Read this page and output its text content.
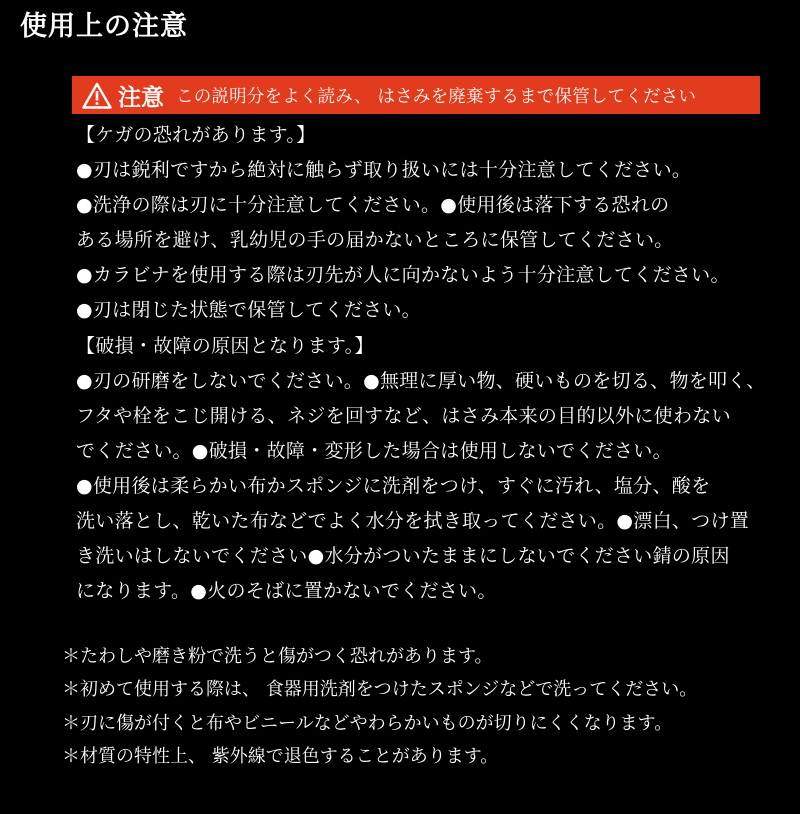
使用上の注意
注意 この説明分をよく読み、 はさみを廃棄するまで保管してください
【ケガの恐れがあります。】
●刃は鋭利ですから絶対に触らず取り扱いには十分注意してください。
●洗浄の際は刃に十分注意してください。●使用後は落下する恐れの
ある場所を避け、乳幼児の手の届かないところに保管してください。
●カラビナを使用する際は刃先が人に向かないよう十分注意してください。
●刃は閉じた状態で保管してください。
【破損・故障の原因となります。】
●刃の研磨をしないでください。●無理に厚い物、硬いものを切る、物を叩く、
フタや栓をこじ開ける、ネジを回すなど、はさみ本来の目的以外に使わない
でください。●破損・故障・変形した場合は使用しないでください。
●使用後は柔らかい布かスポンジに洗剤をつけ、すぐに汚れ、塩分、酸を
洗い落とし、乾いた布などでよく水分を拭き取ってください。●漂白、つけ置
き洗いはしないでください●水分がついたままにしないでください錆の原因
になります。●火のそばに置かないでください。
＊たわしや磨き粉で洗うと傷がつく恐れがあります。
＊初めて使用する際は、 食器用洗剤をつけたスポンジなどで洗ってください。
＊刃に傷が付くと布やビニールなどやわらかいものが切りにくくなります。
＊材質の特性上、 紫外線で退色することがあります。
